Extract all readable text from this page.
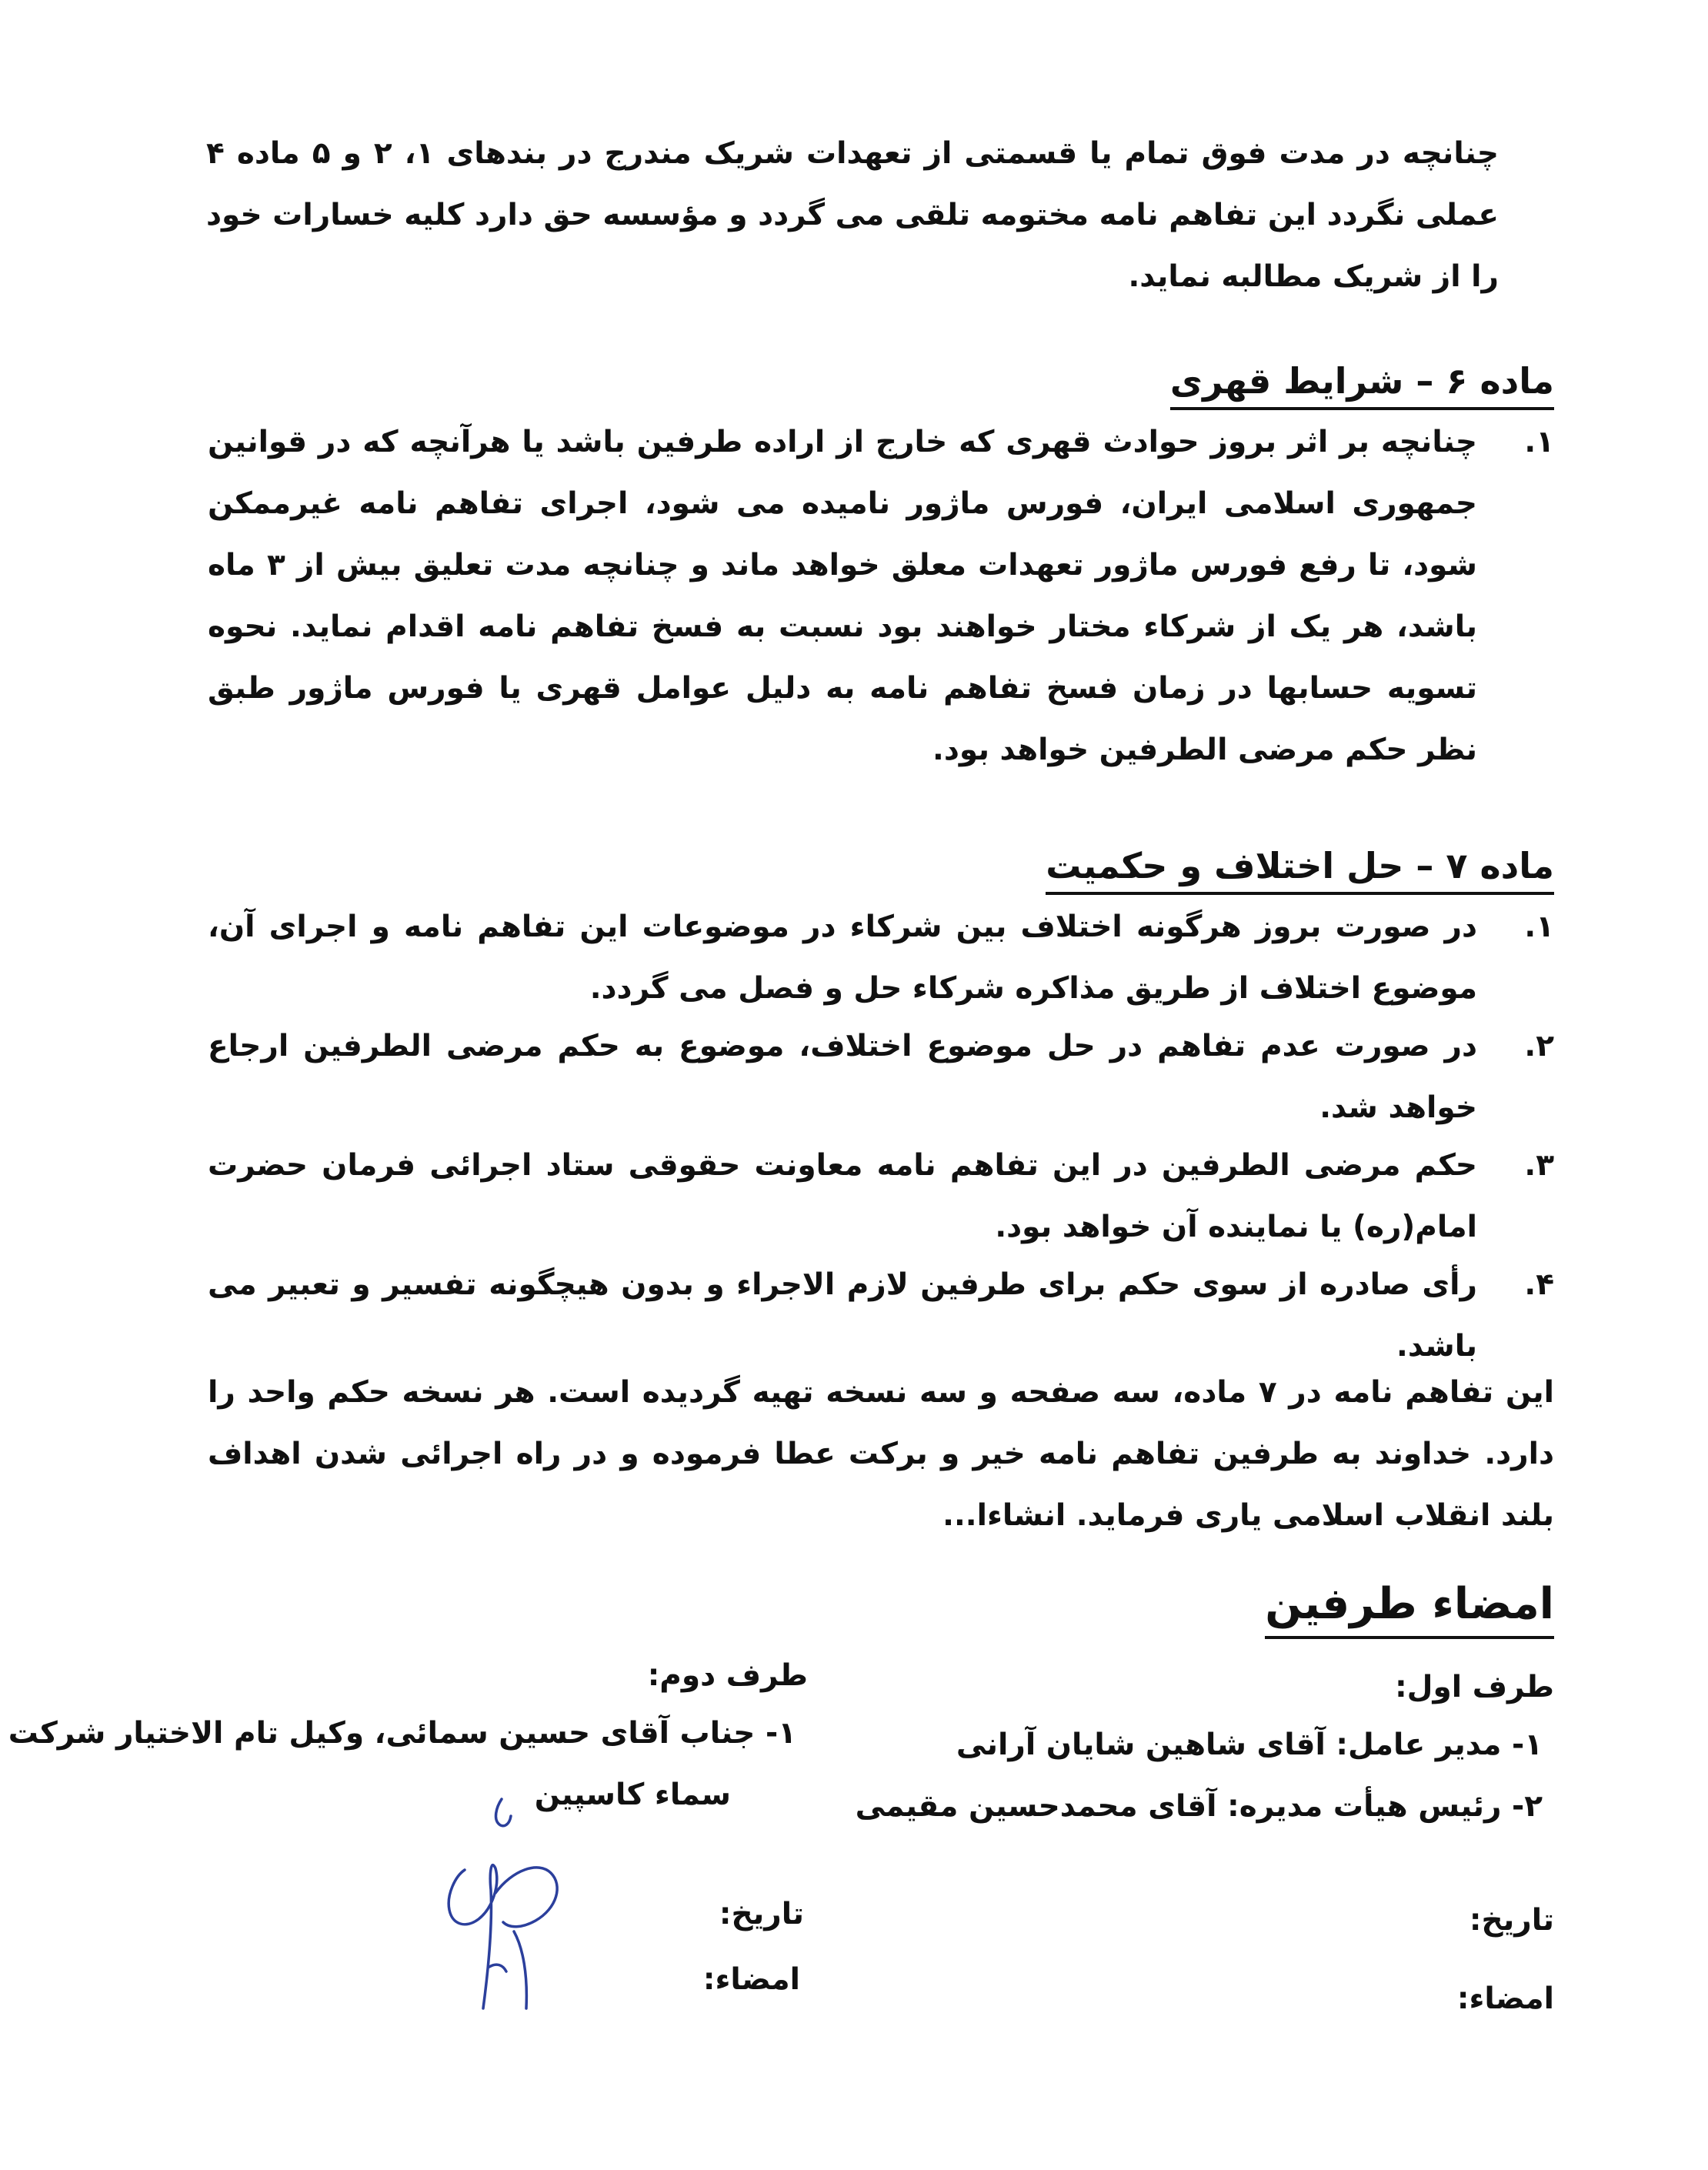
چنانچه در مدت فوق تمام یا قسمتی از تعهدات شریک مندرج در بندهای ۱، ۲ و ۵ ماده ۴ عملی نگردد این تفاهم نامه مختومه تلقی می گردد و مؤسسه حق دارد کلیه خسارات خود را از شریک مطالبه نماید.

ماده ۶ – شرایط قهری
۱.
چنانچه بر اثر بروز حوادث قهری که خارج از اراده طرفین باشد یا هرآنچه که در قوانین جمهوری اسلامی ایران، فورس ماژور نامیده می شود، اجرای تفاهم نامه غیرممکن شود، تا رفع فورس ماژور تعهدات معلق خواهد ماند و چنانچه مدت تعلیق بیش از ۳ ماه باشد، هر یک از شرکاء مختار خواهند بود نسبت به فسخ تفاهم نامه اقدام نماید. نحوه تسویه حسابها در زمان فسخ تفاهم نامه به دلیل عوامل قهری یا فورس ماژور طبق نظر حکم مرضی الطرفین خواهد بود.
ماده ۷ – حل اختلاف و حکمیت
۱.
در صورت بروز هرگونه اختلاف بین شرکاء در موضوعات این تفاهم نامه و اجرای آن، موضوع اختلاف از طریق مذاکره شرکاء حل و فصل می گردد.
۲.
در صورت عدم تفاهم در حل موضوع اختلاف، موضوع به حکم مرضی الطرفین ارجاع خواهد شد.
۳.
حکم مرضی الطرفین در این تفاهم نامه معاونت حقوقی ستاد اجرائی فرمان حضرت امام(ره) یا نماینده آن خواهد بود.
۴.
رأی صادره از سوی حکم برای طرفین لازم الاجراء و بدون هیچگونه تفسیر و تعبیر می باشد.

این تفاهم نامه در ۷ ماده، سه صفحه و سه نسخه تهیه گردیده است. هر نسخه حکم واحد را دارد. خداوند به طرفین تفاهم نامه خیر و برکت عطا فرموده و در راه اجرائی شدن اهداف بلند انقلاب اسلامی یاری فرماید. انشاءا...

امضاء طرفین
طرف اول:
۱- مدیر عامل: آقای شاهین شایان آرانی
۲- رئیس هیأت مدیره: آقای محمدحسین مقیمی
تاریخ:
امضاء:
طرف دوم:
۱- جناب آقای حسین سمائی، وکیل تام الاختیار شرکت
سماء کاسپین
تاریخ:
امضاء:
